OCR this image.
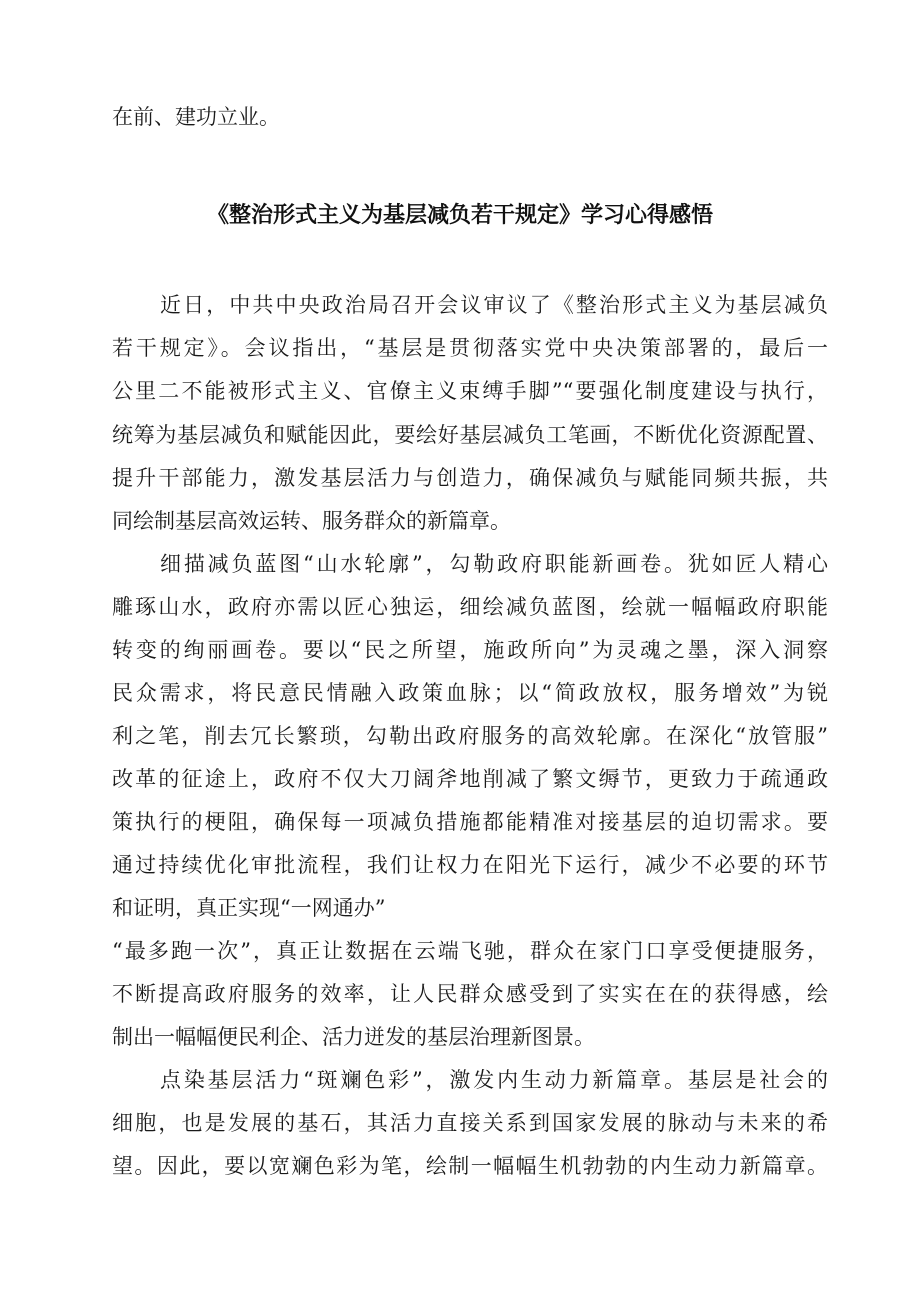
在前、建功立业。

《整治形式主义为基层减负若干规定》学习心得感悟

近日，中共中央政治局召开会议审议了《整治形式主义为基层减负

若干规定》。会议指出，“基层是贯彻落实党中央决策部署的，最后一

公里二不能被形式主义、官僚主义束缚手脚”“要强化制度建设与执行，

统筹为基层减负和赋能因此，要绘好基层减负工笔画，不断优化资源配置、

提升干部能力，激发基层活力与创造力，确保减负与赋能同频共振，共

同绘制基层高效运转、服务群众的新篇章。

细描减负蓝图“山水轮廓”，勾勒政府职能新画卷。犹如匠人精心

雕琢山水，政府亦需以匠心独运，细绘减负蓝图，绘就一幅幅政府职能

转变的绚丽画卷。要以“民之所望，施政所向”为灵魂之墨，深入洞察

民众需求，将民意民情融入政策血脉；以“简政放权，服务增效”为锐

利之笔，削去冗长繁琐，勾勒出政府服务的高效轮廓。在深化“放管服”

改革的征途上，政府不仅大刀阔斧地削减了繁文缛节，更致力于疏通政

策执行的梗阻，确保每一项减负措施都能精准对接基层的迫切需求。要

通过持续优化审批流程，我们让权力在阳光下运行，减少不必要的环节

和证明，真正实现“一网通办”

“最多跑一次”，真正让数据在云端飞驰，群众在家门口享受便捷服务，

不断提高政府服务的效率，让人民群众感受到了实实在在的获得感，绘

制出一幅幅便民利企、活力迸发的基层治理新图景。

点染基层活力“斑斓色彩”，激发内生动力新篇章。基层是社会的

细胞，也是发展的基石，其活力直接关系到国家发展的脉动与未来的希

望。因此，要以宽斓色彩为笔，绘制一幅幅生机勃勃的内生动力新篇章。
